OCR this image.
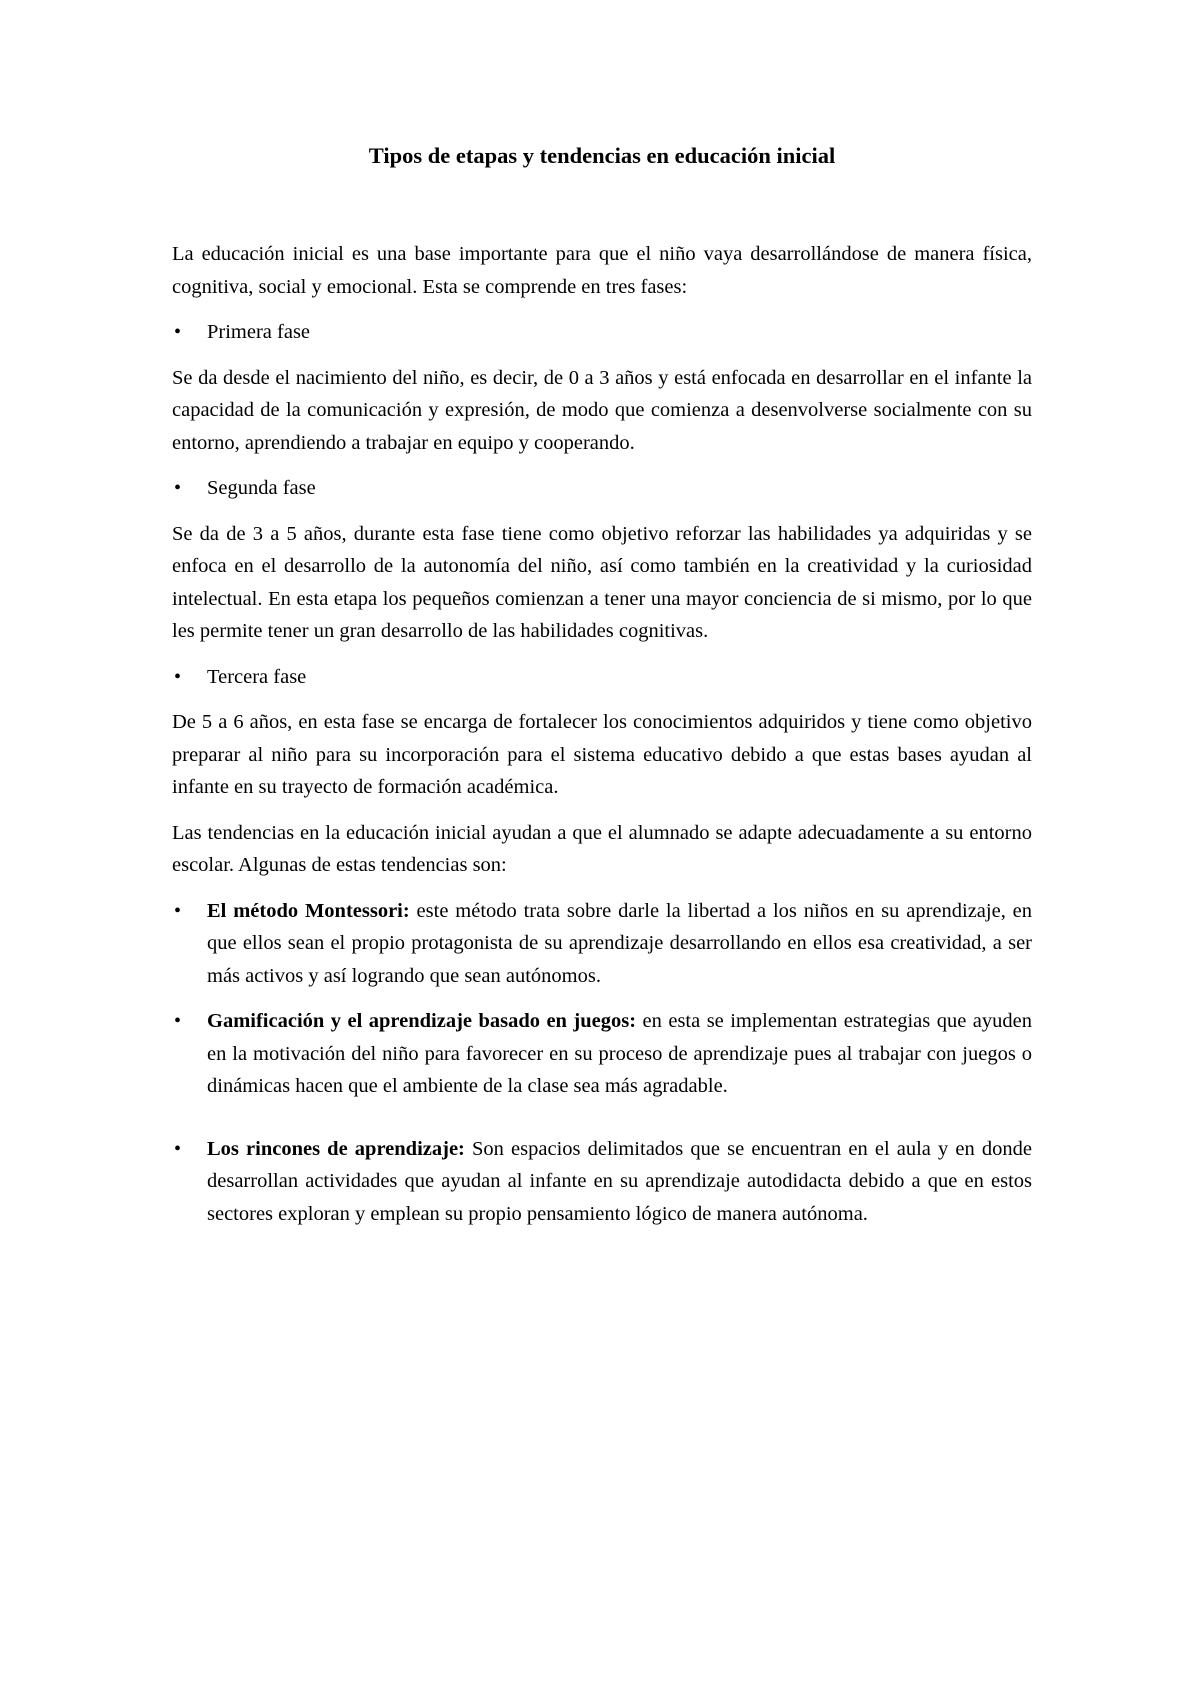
Tipos de etapas y tendencias en educación inicial

La educación inicial es una base importante para que el niño vaya desarrollándose de manera física, cognitiva, social y emocional. Esta se comprende en tres fases:

• Primera fase

Se da desde el nacimiento del niño, es decir, de 0 a 3 años y está enfocada en desarrollar en el infante la capacidad de la comunicación y expresión, de modo que comienza a desenvolverse socialmente con su entorno, aprendiendo a trabajar en equipo y cooperando.

• Segunda fase

Se da de 3 a 5 años, durante esta fase tiene como objetivo reforzar las habilidades ya adquiridas y se enfoca en el desarrollo de la autonomía del niño, así como también en la creatividad y la curiosidad intelectual. En esta etapa los pequeños comienzan a tener una mayor conciencia de si mismo, por lo que les permite tener un gran desarrollo de las habilidades cognitivas.

• Tercera fase

De 5 a 6 años, en esta fase se encarga de fortalecer los conocimientos adquiridos y tiene como objetivo preparar al niño para su incorporación para el sistema educativo debido a que estas bases ayudan al infante en su trayecto de formación académica.

Las tendencias en la educación inicial ayudan a que el alumnado se adapte adecuadamente a su entorno escolar. Algunas de estas tendencias son:

• El método Montessori: este método trata sobre darle la libertad a los niños en su aprendizaje, en que ellos sean el propio protagonista de su aprendizaje desarrollando en ellos esa creatividad, a ser más activos y así logrando que sean autónomos.
• Gamificación y el aprendizaje basado en juegos: en esta se implementan estrategias que ayuden en la motivación del niño para favorecer en su proceso de aprendizaje pues al trabajar con juegos o dinámicas hacen que el ambiente de la clase sea más agradable.
• Los rincones de aprendizaje: Son espacios delimitados que se encuentran en el aula y en donde desarrollan actividades que ayudan al infante en su aprendizaje autodidacta debido a que en estos sectores exploran y emplean su propio pensamiento lógico de manera autónoma.
